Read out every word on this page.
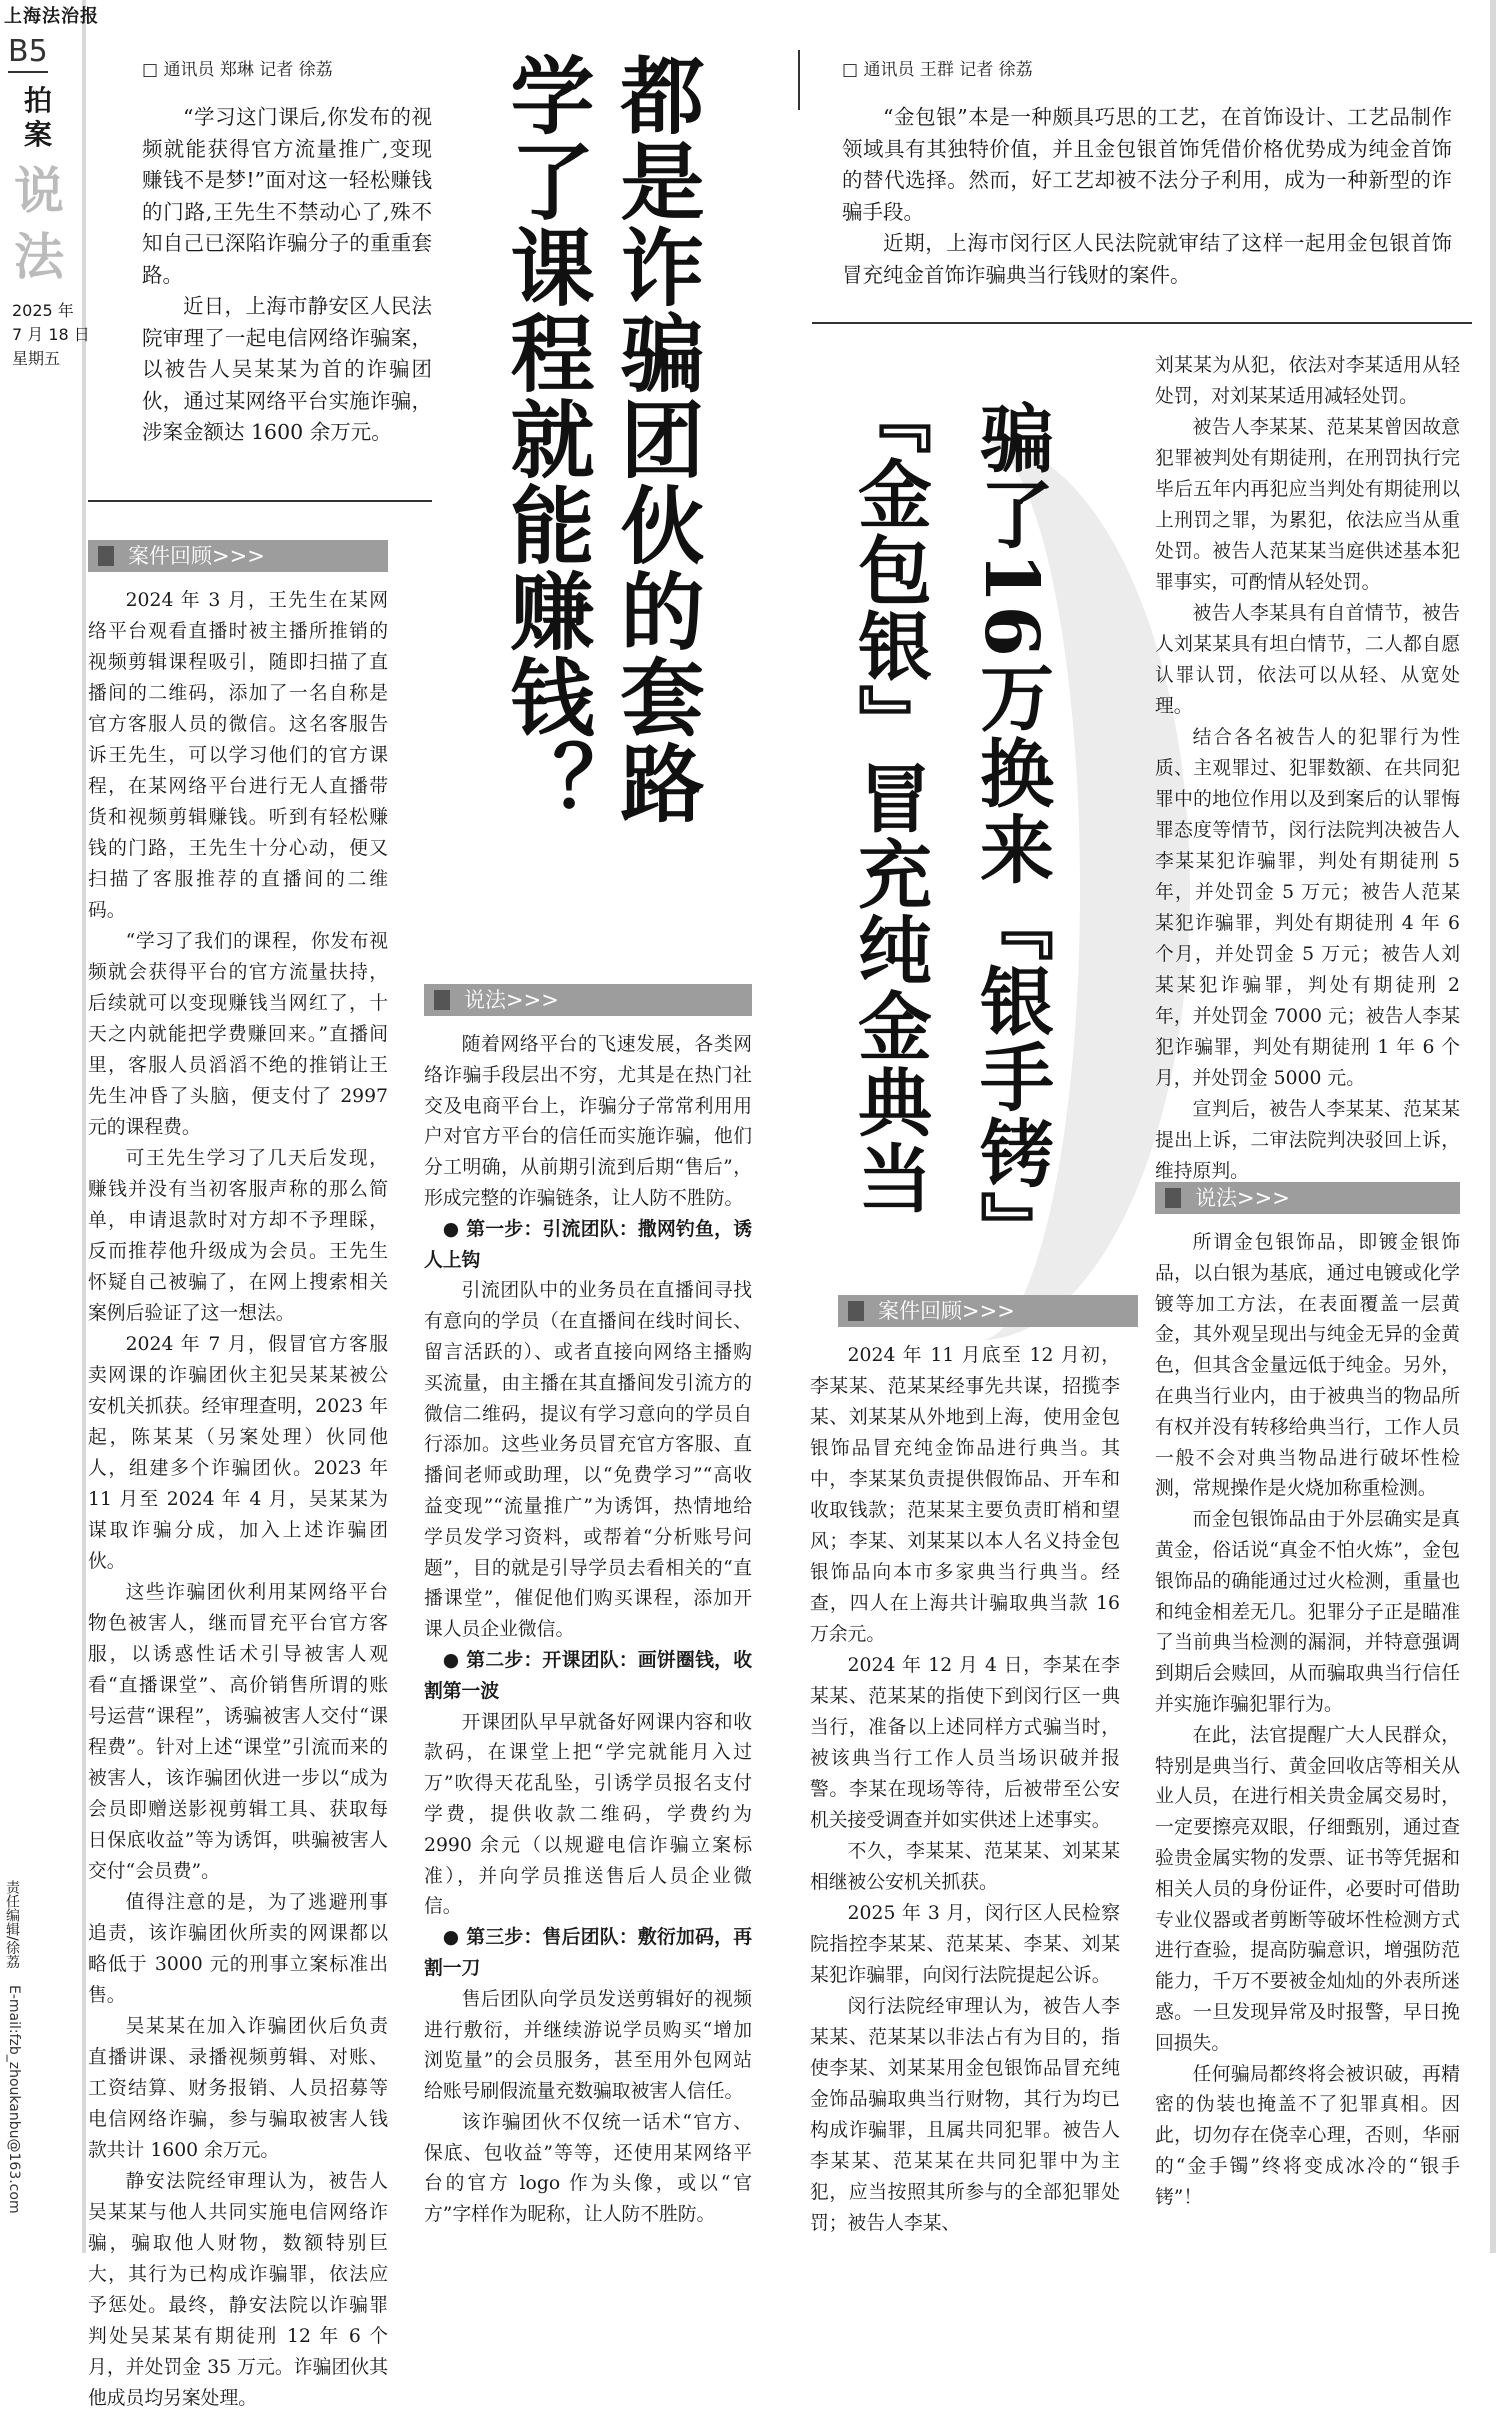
上海法治报
B5
拍
案
说
法
2025 年
7 月 18 日
星期五
责任编辑/徐荔
E-mail:fzb_zhoukanbu@163.com
□ 通讯员 郑琳 记者 徐荔

“学习这门课后,你发布的视频就能获得官方流量推广,变现赚钱不是梦!”面对这一轻松赚钱的门路,王先生不禁动心了,殊不知自己已深陷诈骗分子的重重套路。

近日，上海市静安区人民法院审理了一起电信网络诈骗案，以被告人吴某某为首的诈骗团伙，通过某网络平台实施诈骗，涉案金额达 1600 余万元。	都是诈骗团伙的套路
学了课程就能赚钱？
案件回顾>>>

2024 年 3 月，王先生在某网络平台观看直播时被主播所推销的视频剪辑课程吸引，随即扫描了直播间的二维码，添加了一名自称是官方客服人员的微信。这名客服告诉王先生，可以学习他们的官方课程，在某网络平台进行无人直播带货和视频剪辑赚钱。听到有轻松赚钱的门路，王先生十分心动，便又扫描了客服推荐的直播间的二维码。

“学习了我们的课程，你发布视频就会获得平台的官方流量扶持，后续就可以变现赚钱当网红了，十天之内就能把学费赚回来。”直播间里，客服人员滔滔不绝的推销让王先生冲昏了头脑，便支付了 2997 元的课程费。

可王先生学习了几天后发现，赚钱并没有当初客服声称的那么简单，申请退款时对方却不予理睬，反而推荐他升级成为会员。王先生怀疑自己被骗了，在网上搜索相关案例后验证了这一想法。

2024 年 7 月，假冒官方客服卖网课的诈骗团伙主犯吴某某被公安机关抓获。经审理查明，2023 年起，陈某某（另案处理）伙同他人，组建多个诈骗团伙。2023 年 11 月至 2024 年 4 月，吴某某为谋取诈骗分成，加入上述诈骗团伙。

这些诈骗团伙利用某网络平台物色被害人，继而冒充平台官方客服，以诱惑性话术引导被害人观看“直播课堂”、高价销售所谓的账号运营“课程”，诱骗被害人交付“课程费”。针对上述“课堂”引流而来的被害人，该诈骗团伙进一步以“成为会员即赠送影视剪辑工具、获取每日保底收益”等为诱饵，哄骗被害人交付“会员费”。

值得注意的是，为了逃避刑事追责，该诈骗团伙所卖的网课都以略低于 3000 元的刑事立案标准出售。

吴某某在加入诈骗团伙后负责直播讲课、录播视频剪辑、对账、工资结算、财务报销、人员招募等电信网络诈骗，参与骗取被害人钱款共计 1600 余万元。

静安法院经审理认为，被告人吴某某与他人共同实施电信网络诈骗，骗取他人财物，数额特别巨大，其行为已构成诈骗罪，依法应予惩处。最终，静安法院以诈骗罪判处吴某某有期徒刑 12 年 6 个月，并处罚金 35 万元。诈骗团伙其他成员均另案处理。

说法>>>

随着网络平台的飞速发展，各类网络诈骗手段层出不穷，尤其是在热门社交及电商平台上，诈骗分子常常利用用户对官方平台的信任而实施诈骗，他们分工明确，从前期引流到后期“售后”，形成完整的诈骗链条，让人防不胜防。

● 第一步：引流团队：撒网钓鱼，诱人上钩

引流团队中的业务员在直播间寻找有意向的学员（在直播间在线时间长、留言活跃的）、或者直接向网络主播购买流量，由主播在其直播间发引流方的微信二维码，提议有学习意向的学员自行添加。这些业务员冒充官方客服、直播间老师或助理，以“免费学习”“高收益变现”“流量推广”为诱饵，热情地给学员发学习资料，或帮着“分析账号问题”，目的就是引导学员去看相关的“直播课堂”，催促他们购买课程，添加开课人员企业微信。

● 第二步：开课团队：画饼圈钱，收割第一波

开课团队早早就备好网课内容和收款码，在课堂上把“学完就能月入过万”吹得天花乱坠，引诱学员报名支付学费，提供收款二维码，学费约为 2990 余元（以规避电信诈骗立案标准），并向学员推送售后人员企业微信。

● 第三步：售后团队：敷衍加码，再割一刀

售后团队向学员发送剪辑好的视频进行敷衍，并继续游说学员购买“增加浏览量”的会员服务，甚至用外包网站给账号刷假流量充数骗取被害人信任。

该诈骗团伙不仅统一话术“官方、保底、包收益”等等，还使用某网络平台的官方 logo 作为头像，或以“官方”字样作为昵称，让人防不胜防。

□ 通讯员 王群 记者 徐荔

“金包银”本是一种颇具巧思的工艺，在首饰设计、工艺品制作领域具有其独特价值，并且金包银首饰凭借价格优势成为纯金首饰的替代选择。然而，好工艺却被不法分子利用，成为一种新型的诈骗手段。

近期，上海市闵行区人民法院就审结了这样一起用金包银首饰冒充纯金首饰诈骗典当行钱财的案件。

骗了16万换来『银手铐』
『金包银』冒充纯金典当

刘某某为从犯，依法对李某适用从轻处罚，对刘某某适用减轻处罚。

被告人李某某、范某某曾因故意犯罪被判处有期徒刑，在刑罚执行完毕后五年内再犯应当判处有期徒刑以上刑罚之罪，为累犯，依法应当从重处罚。被告人范某某当庭供述基本犯罪事实，可酌情从轻处罚。

被告人李某具有自首情节，被告人刘某某具有坦白情节，二人都自愿认罪认罚，依法可以从轻、从宽处理。

结合各名被告人的犯罪行为性质、主观罪过、犯罪数额、在共同犯罪中的地位作用以及到案后的认罪悔罪态度等情节，闵行法院判决被告人李某某犯诈骗罪，判处有期徒刑 5 年，并处罚金 5 万元；被告人范某某犯诈骗罪，判处有期徒刑 4 年 6 个月，并处罚金 5 万元；被告人刘某某犯诈骗罪，判处有期徒刑 2 年，并处罚金 7000 元；被告人李某犯诈骗罪，判处有期徒刑 1 年 6 个月，并处罚金 5000 元。

宣判后，被告人李某某、范某某提出上诉，二审法院判决驳回上诉，维持原判。

案件回顾>>>

2024 年 11 月底至 12 月初，李某某、范某某经事先共谋，招揽李某、刘某某从外地到上海，使用金包银饰品冒充纯金饰品进行典当。其中，李某某负责提供假饰品、开车和收取钱款；范某某主要负责盯梢和望风；李某、刘某某以本人名义持金包银饰品向本市多家典当行典当。经查，四人在上海共计骗取典当款 16 万余元。

2024 年 12 月 4 日，李某在李某某、范某某的指使下到闵行区一典当行，准备以上述同样方式骗当时，被该典当行工作人员当场识破并报警。李某在现场等待，后被带至公安机关接受调查并如实供述上述事实。

不久，李某某、范某某、刘某某相继被公安机关抓获。

2025 年 3 月，闵行区人民检察院指控李某某、范某某、李某、刘某某犯诈骗罪，向闵行法院提起公诉。

闵行法院经审理认为，被告人李某某、范某某以非法占有为目的，指使李某、刘某某用金包银饰品冒充纯金饰品骗取典当行财物，其行为均已构成诈骗罪，且属共同犯罪。被告人李某某、范某某在共同犯罪中为主犯，应当按照其所参与的全部犯罪处罚；被告人李某、

说法>>>

所谓金包银饰品，即镀金银饰品，以白银为基底，通过电镀或化学镀等加工方法，在表面覆盖一层黄金，其外观呈现出与纯金无异的金黄色，但其含金量远低于纯金。另外，在典当行业内，由于被典当的物品所有权并没有转移给典当行，工作人员一般不会对典当物品进行破坏性检测，常规操作是火烧加称重检测。

而金包银饰品由于外层确实是真黄金，俗话说“真金不怕火炼”，金包银饰品的确能通过过火检测，重量也和纯金相差无几。犯罪分子正是瞄准了当前典当检测的漏洞，并特意强调到期后会赎回，从而骗取典当行信任并实施诈骗犯罪行为。

在此，法官提醒广大人民群众，特别是典当行、黄金回收店等相关从业人员，在进行相关贵金属交易时，一定要擦亮双眼，仔细甄别，通过查验贵金属实物的发票、证书等凭据和相关人员的身份证件，必要时可借助专业仪器或者剪断等破坏性检测方式进行查验，提高防骗意识，增强防范能力，千万不要被金灿灿的外表所迷惑。一旦发现异常及时报警，早日挽回损失。

任何骗局都终将会被识破，再精密的伪装也掩盖不了犯罪真相。因此，切勿存在侥幸心理，否则，华丽的“金手镯”终将变成冰冷的“银手铐”！
